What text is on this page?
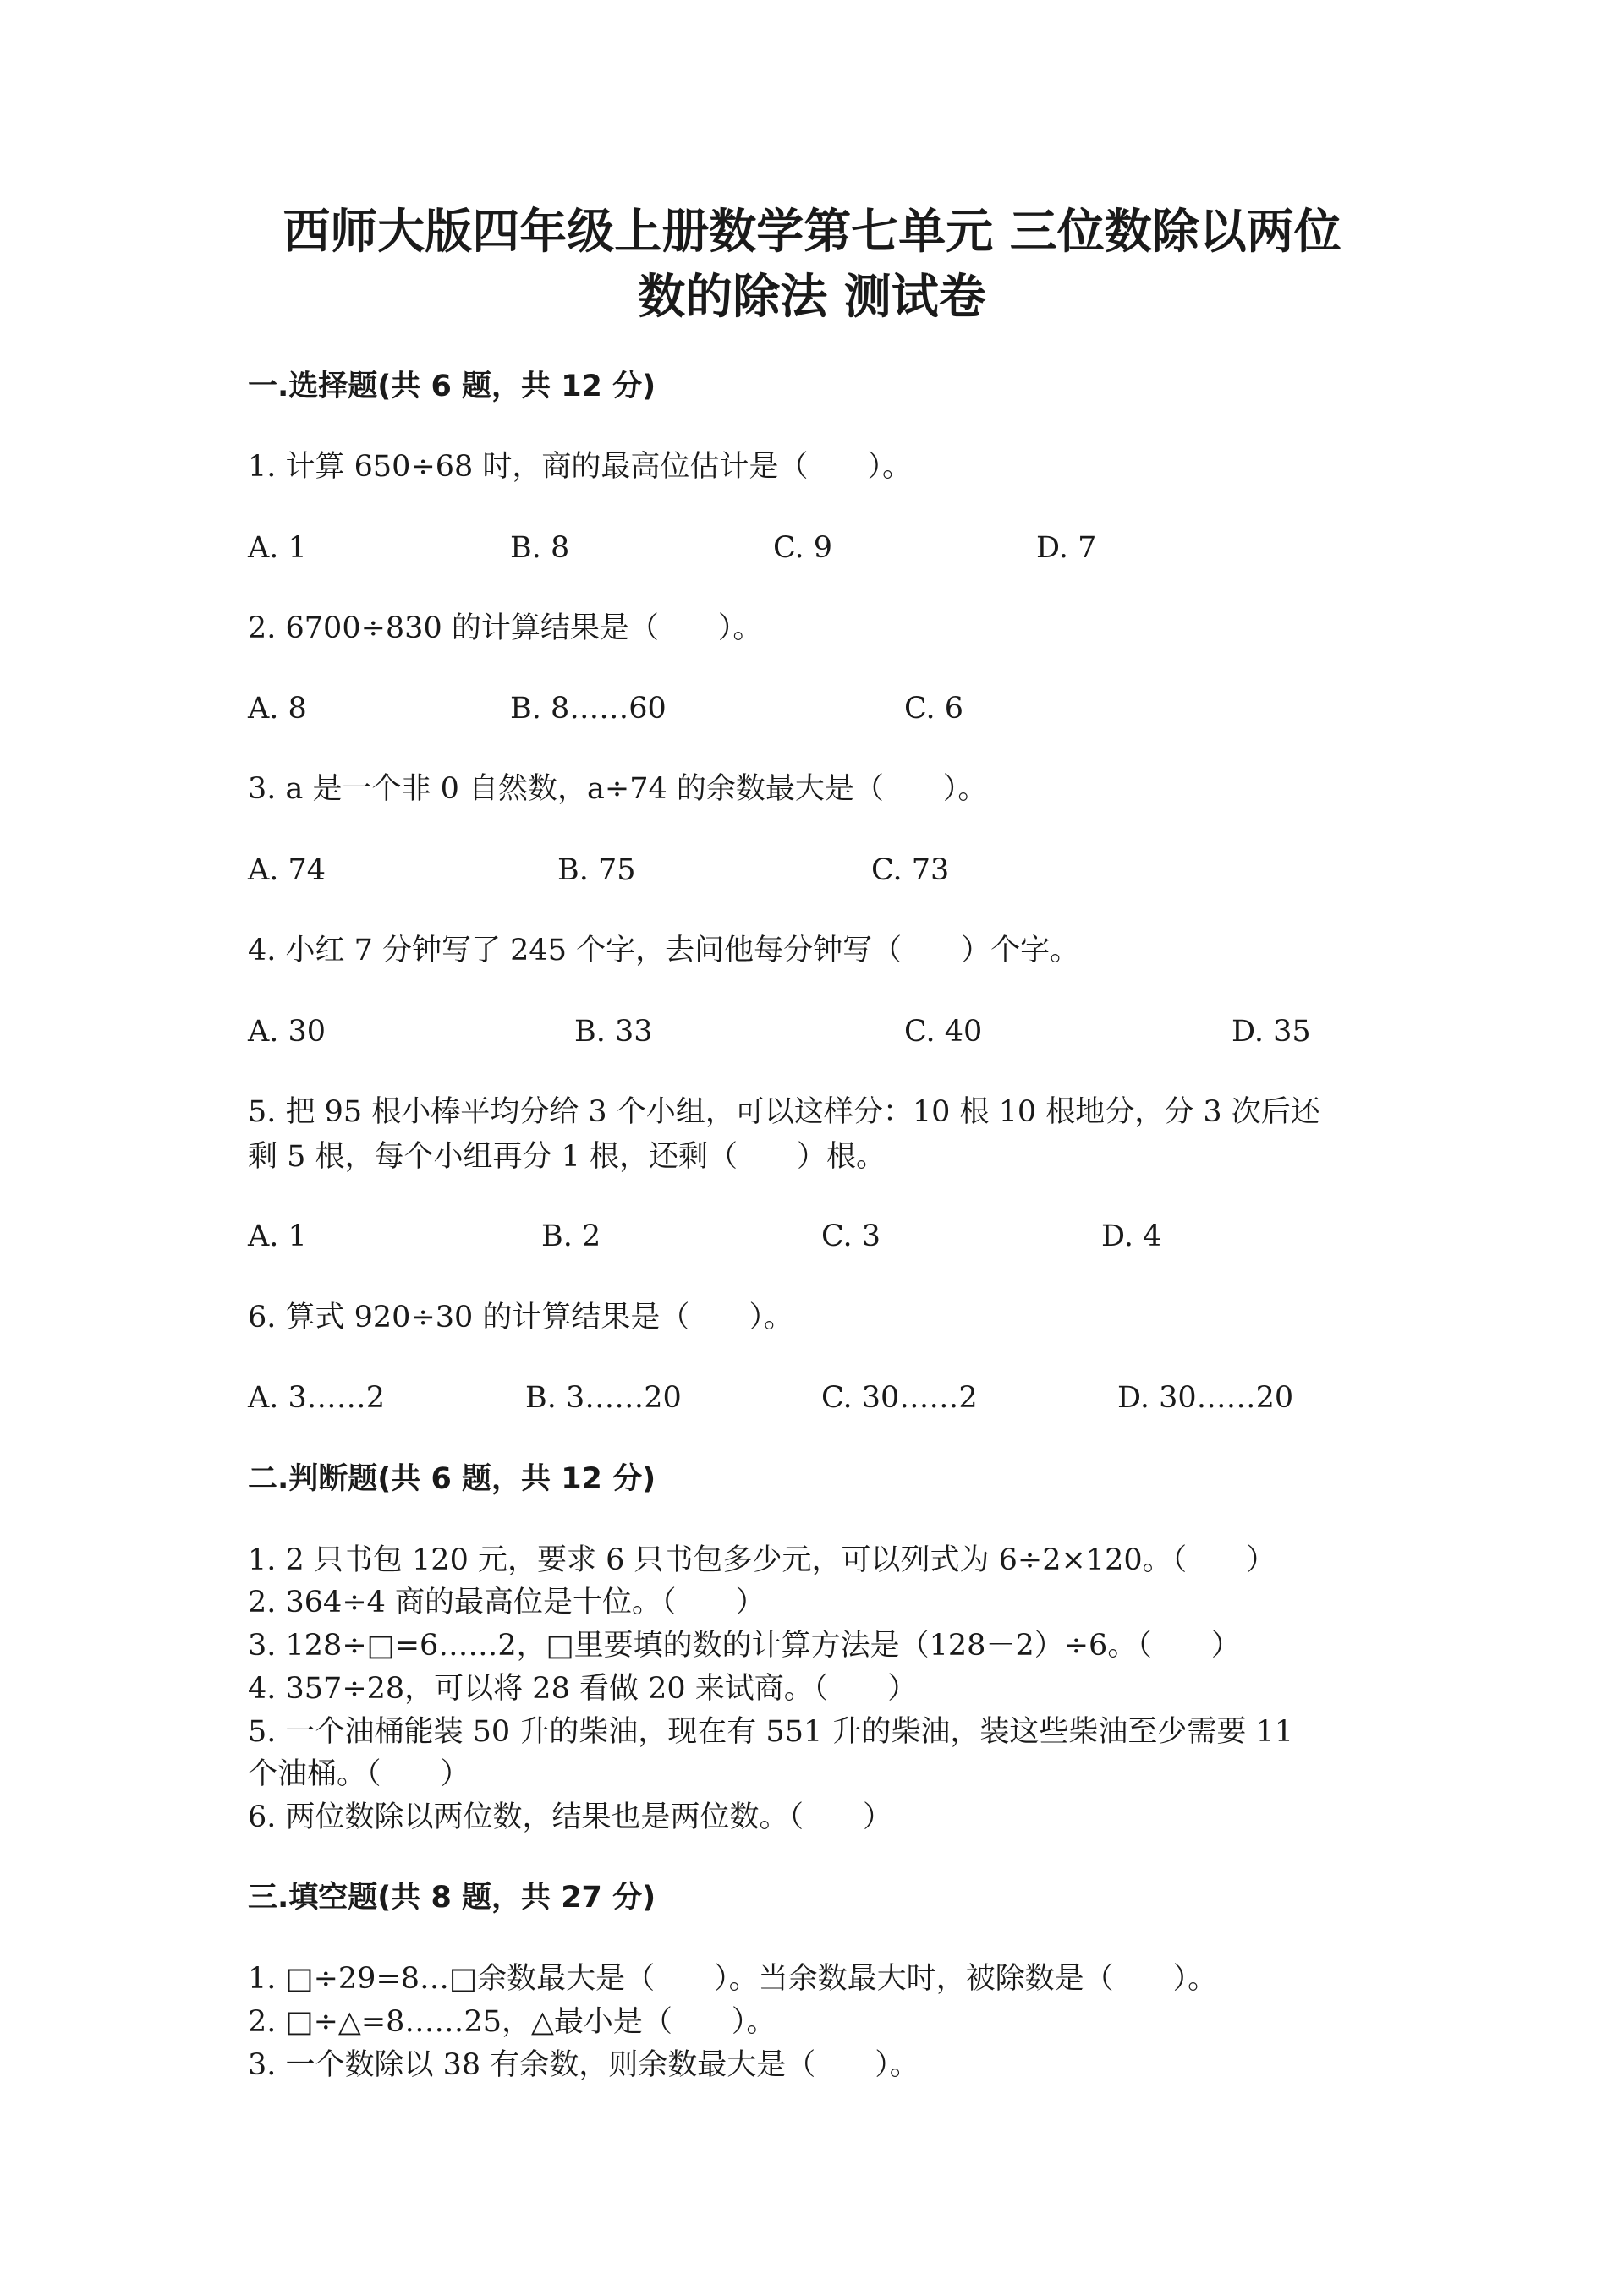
西师大版四年级上册数学第七单元 三位数除以两位
数的除法 测试卷

一.选择题(共 6 题，共 12 分)

1. 计算 650÷68 时，商的最高位估计是（　　）。

A. 1	B. 8	C. 9	D. 7

2. 6700÷830 的计算结果是（　　）。

A. 8	B. 8……60	C. 6

3. a 是一个非 0 自然数，a÷74 的余数最大是（　　）。

A. 74	B. 75	C. 73

4. 小红 7 分钟写了 245 个字，去问他每分钟写（　　）个字。

A. 30	B. 33	C. 40	D. 35

5. 把 95 根小棒平均分给 3 个小组，可以这样分：10 根 10 根地分，分 3 次后还

剩 5 根，每个小组再分 1 根，还剩（　　）根。

A. 1	B. 2	C. 3	D. 4

6. 算式 920÷30 的计算结果是（　　）。

A. 3……2	B. 3……20	C. 30……2	D. 30……20

二.判断题(共 6 题，共 12 分)

1. 2 只书包 120 元，要求 6 只书包多少元，可以列式为 6÷2×120。（　　）

2. 364÷4 商的最高位是十位。（　　）

3. 128÷□=6……2，□里要填的数的计算方法是（128－2）÷6。（　　）

4. 357÷28，可以将 28 看做 20 来试商。（　　）

5. 一个油桶能装 50 升的柴油，现在有 551 升的柴油，装这些柴油至少需要 11

个油桶。（　　）

6. 两位数除以两位数，结果也是两位数。（　　）

三.填空题(共 8 题，共 27 分)

1. □÷29=8…□余数最大是（　　）。当余数最大时，被除数是（　　）。

2. □÷△=8……25，△最小是（　　）。

3. 一个数除以 38 有余数，则余数最大是（　　）。
